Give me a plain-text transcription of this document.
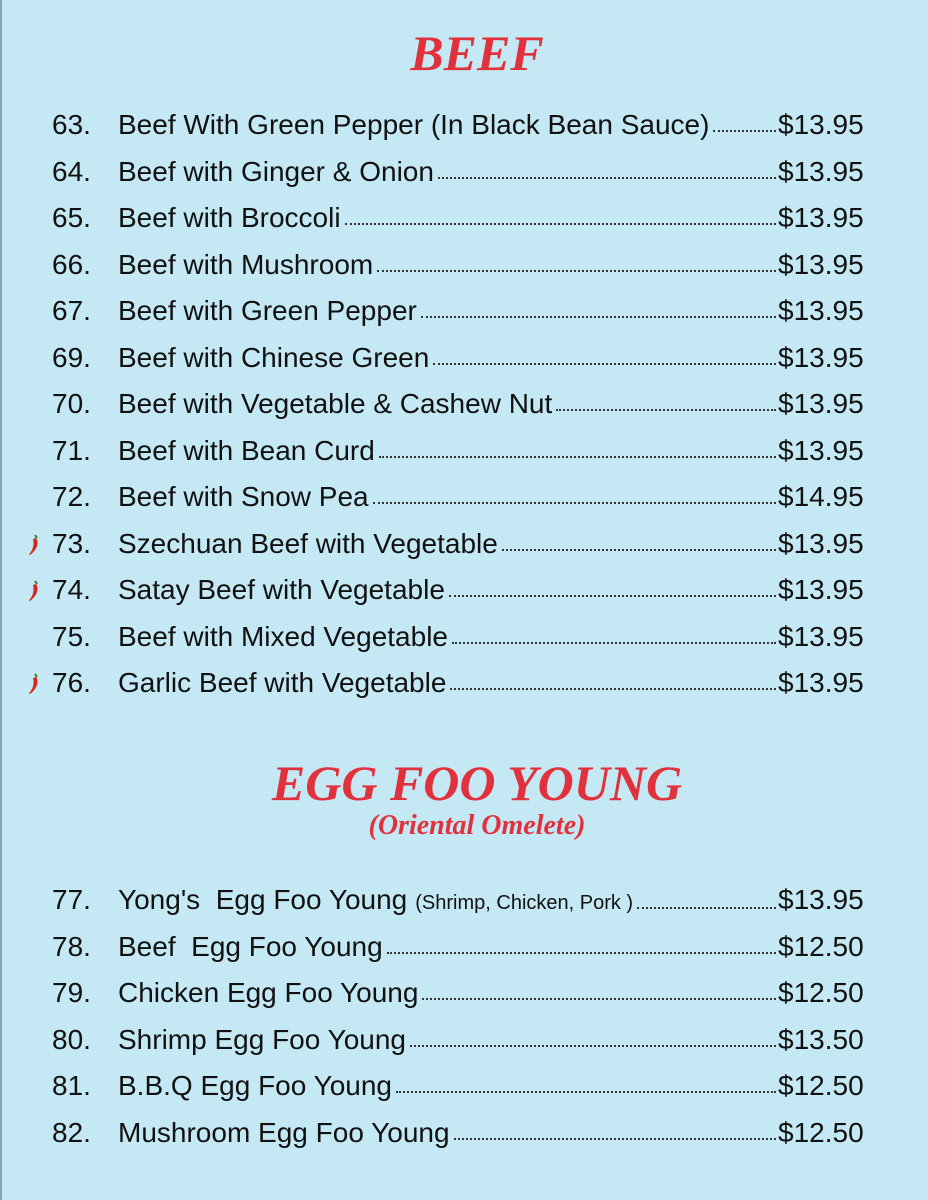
BEEF
63. Beef With Green Pepper (In Black Bean Sauce) $13.95
64. Beef with Ginger & Onion	$13.95
65. Beef with Broccoli	$13.95
66. Beef with Mushroom	$13.95
67. Beef with Green Pepper	$13.95
69. Beef with Chinese Green	$13.95
70. Beef with Vegetable & Cashew Nut	$13.95
71. Beef with Bean Curd	$13.95
72. Beef with Snow Pea	$14.95
73. Szechuan Beef with Vegetable	$13.95
74. Satay Beef with Vegetable	$13.95
75. Beef with Mixed Vegetable	$13.95
76. Garlic Beef with Vegetable	$13.95
EGG FOO YOUNG
(Oriental Omelete)
77. Yong's  Egg Foo Young (Shrimp, Chicken, Pork )	$13.95
78. Beef  Egg Foo Young	$12.50
79. Chicken Egg Foo Young	$12.50
80. Shrimp Egg Foo Young	$13.50
81. B.B.Q Egg Foo Young	$12.50
82. Mushroom Egg Foo Young	$12.50
